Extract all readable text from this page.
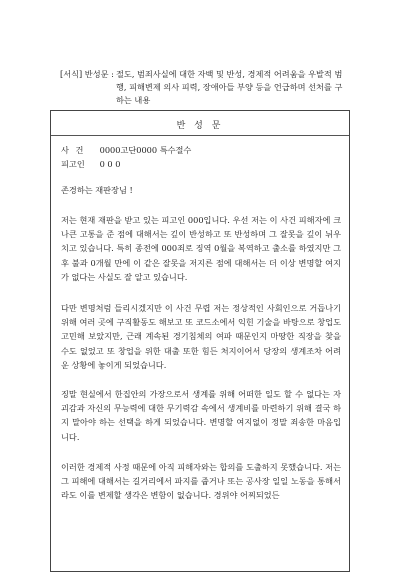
[서식] 반성문 : 절도, 범죄사실에 대한 자백 및 반성, 경제적 어려움을 우발적 범행, 피해변제 의사 피력, 장애아들 부양 등을 언급하며 선처를 구하는 내용
반 성 문
사 건 0000고단0000 특수절수
피고인 0 0 0
존경하는 재판장님 !
저는 현재 재판을 받고 있는 피고인 000입니다. 우선 저는 이 사건 피해자에 크나큰 고통을 준 점에 대해서는 깊이 반성하고 또 반성하며 그 잘못을 깊이 뉘우치고 있습니다. 특히 종전에 000죄로 징역 0월을 복역하고 출소를 하였지만 그 후 불과 0개월 만에 이 같은 잘못을 저지른 점에 대해서는 더 이상 변명할 여지가 없다는 사실도 잘 알고 있습니다.
다만 변명처럼 들리시겠지만 이 사건 무렵 저는 정상적인 사회인으로 거듭나기 위해 여러 곳에 구직활동도 해보고 또 코드소에서 익힌 기술을 바탕으로 창업도 고민해 보았지만, 근래 계속된 경기침체의 여파 때문인지 마땅한 직장을 찾을 수도 없었고 또 창업을 위한 대출 또한 힘든 처지이어서 당장의 생계조차 어려운 상황에 놓이게 되었습니다.
징말 현실에서 한집안의 가장으로서 생계를 위해 어떠한 일도 할 수 없다는 자괴감과 자신의 무능력에 대한 무기력감 속에서 생계비를 마련하기 위해 결국 하지 말아야 하는 선택을 하게 되었습니다. 변명할 여지없이 정말 죄송한 마음입니다.
이러한 경제적 사정 때문에 아직 피해자와는 합의를 도출하지 못했습니다. 저는 그 피해에 대해서는 길거리에서 파지를 줍거나 또는 공사장 일일 노동을 통해서라도 이를 변제할 생각은 변함이 없습니다. 경위야 어찌되었든
